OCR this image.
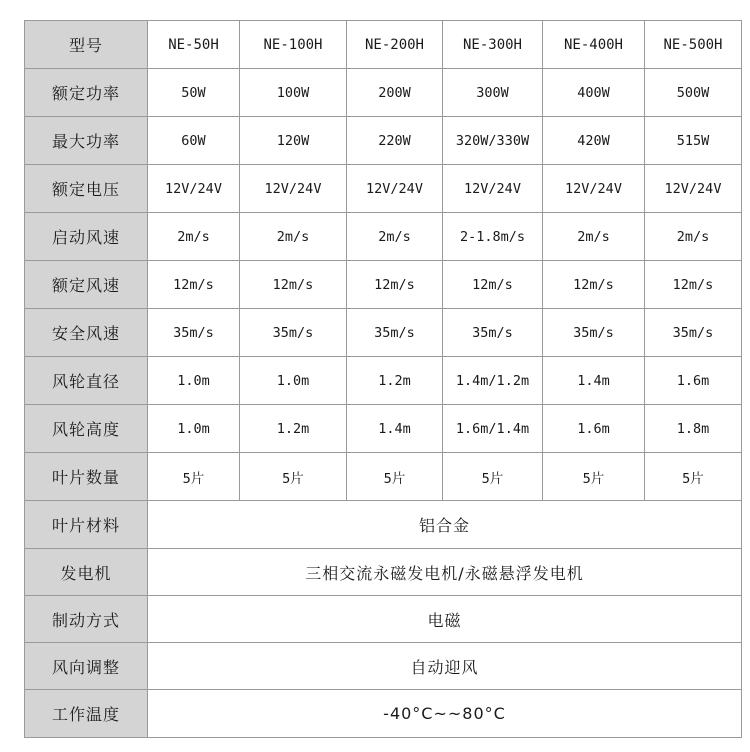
型号	NE-50H	NE-100H	NE-200H	NE-300H	NE-400H	NE-500H
额定功率	50W	100W	200W	300W	400W	500W
最大功率	60W	120W	220W	320W/330W	420W	515W
额定电压	12V/24V	12V/24V	12V/24V	12V/24V	12V/24V	12V/24V
启动风速	2m/s	2m/s	2m/s	2-1.8m/s	2m/s	2m/s
额定风速	12m/s	12m/s	12m/s	12m/s	12m/s	12m/s
安全风速	35m/s	35m/s	35m/s	35m/s	35m/s	35m/s
风轮直径	1.0m	1.0m	1.2m	1.4m/1.2m	1.4m	1.6m
风轮高度	1.0m	1.2m	1.4m	1.6m/1.4m	1.6m	1.8m
叶片数量	5片	5片	5片	5片	5片	5片
叶片材料	铝合金					
发电机	三相交流永磁发电机/永磁悬浮发电机					
制动方式	电磁					
风向调整	自动迎风					
工作温度	-40°C~~80°C					
